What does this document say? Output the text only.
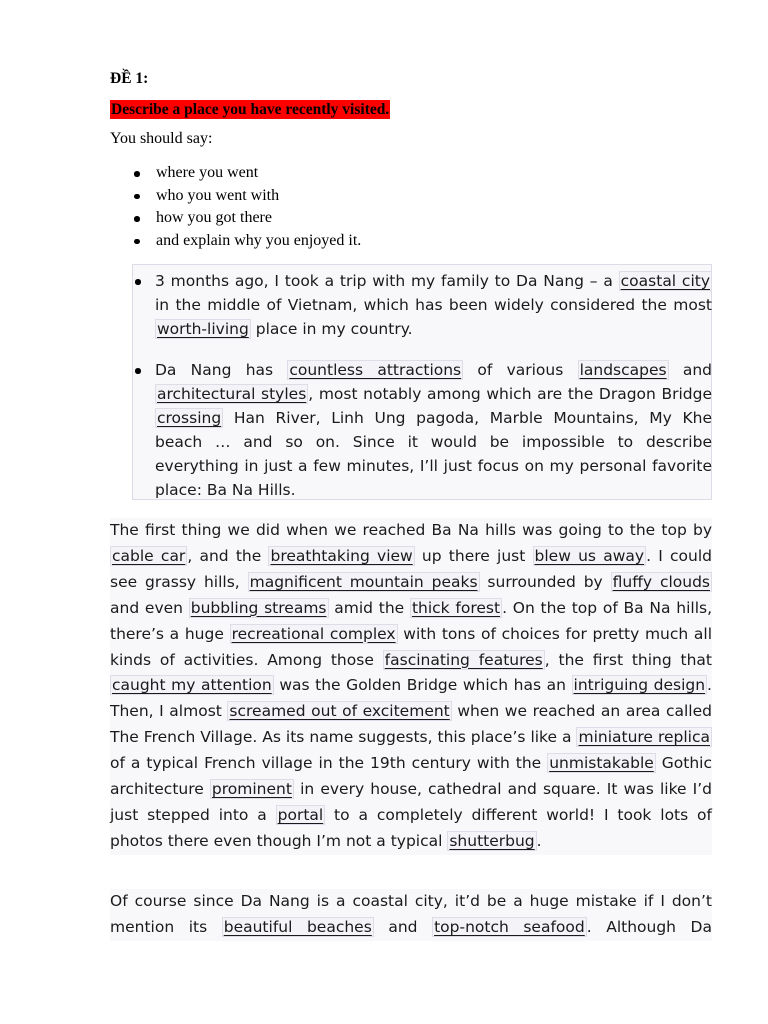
ĐỀ 1:
Describe a place you have recently visited.
You should say:
where you went
who you went with
how you got there
and explain why you enjoyed it.
3 months ago, I took a trip with my family to Da Nang – a coastal city in the middle of Vietnam, which has been widely considered the most worth-living place in my country.
Da Nang has countless attractions of various landscapes and architectural styles , most notably among which are the Dragon Bridge crossing Han River, Linh Ung pagoda, Marble Mountains, My Khe beach … and so on. Since it would be impossible to describe everything in just a few minutes, I’ll just focus on my personal favorite place: Ba Na Hills.
The first thing we did when we reached Ba Na hills was going to the top by cable car , and the breathtaking view up there just blew us away . I could see grassy hills, magnificent mountain peaks surrounded by fluffy clouds and even bubbling streams amid the thick forest . On the top of Ba Na hills, there’s a huge recreational complex with tons of choices for pretty much all kinds of activities. Among those fascinating features , the first thing that caught my attention was the Golden Bridge which has an intriguing design . Then, I almost screamed out of excitement when we reached an area called The French Village. As its name suggests, this place’s like a miniature replica of a typical French village in the 19th century with the unmistakable Gothic architecture prominent in every house, cathedral and square. It was like I’d just stepped into a portal to a completely different world! I took lots of photos there even though I’m not a typical shutterbug .
Of course since Da Nang is a coastal city, it’d be a huge mistake if I don’t mention its beautiful beaches and top-notch seafood . Although Da
